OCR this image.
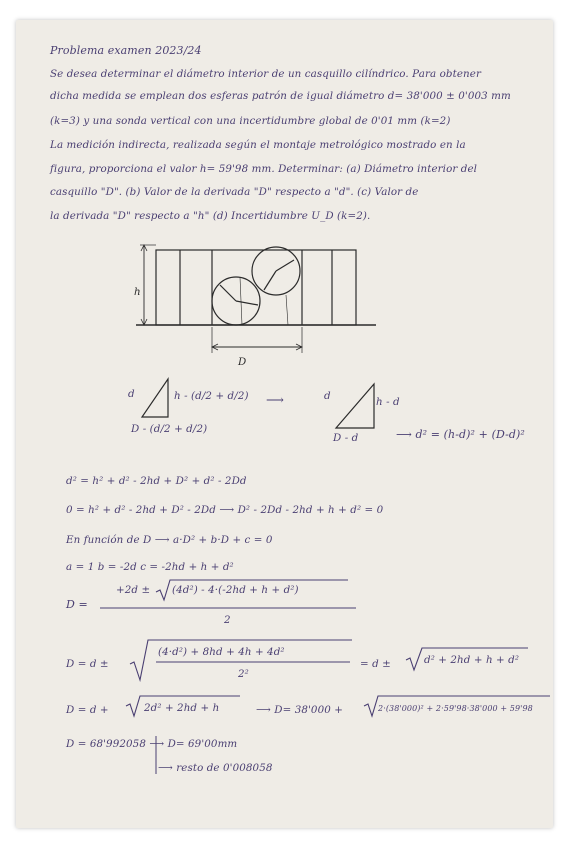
Problema examen 2023/24
Se desea determinar el diámetro interior de un casquillo cilíndrico. Para obtener
dicha medida se emplean dos esferas patrón de igual diámetro d= 38'000 ± 0'003 mm
(k=3) y una sonda vertical con una incertidumbre global de 0'01 mm (k=2)
La medición indirecta, realizada según el montaje metrológico mostrado en la
figura, proporciona el valor h= 59'98 mm. Determinar: (a) Diámetro interior del
casquillo "D". (b) Valor de la derivada "D" respecto a "d". (c) Valor de
la derivada "D" respecto a "h" (d) Incertidumbre U_D (k=2).
h
D
d	h - (d/2 + d/2)
D - (d/2 + d/2)
⟶	d	h - d
D - d	⟶ d² = (h-d)² + (D-d)²
d² = h² + d² - 2hd + D² + d² - 2Dd
0 = h² + d² - 2hd + D² - 2Dd ⟶ D² - 2Dd - 2hd + h + d² = 0
En función de D ⟶ a·D² + b·D + c = 0
a = 1 b = -2d c = -2hd + h + d²
D =
+2d ± (4d²) - 4·(-2hd + h + d²)
2
D = d ±
(4·d²) + 8hd + 4h + 4d²
2²
= d ±	d² + 2hd + h + d²
D = d +	2d² + 2hd + h	⟶ D= 38'000 +	2·(38'000)² + 2·59'98·38'000 + 59'98
D = 68'992058 ⟶ D= 69'00mm
⟶ resto de 0'008058
